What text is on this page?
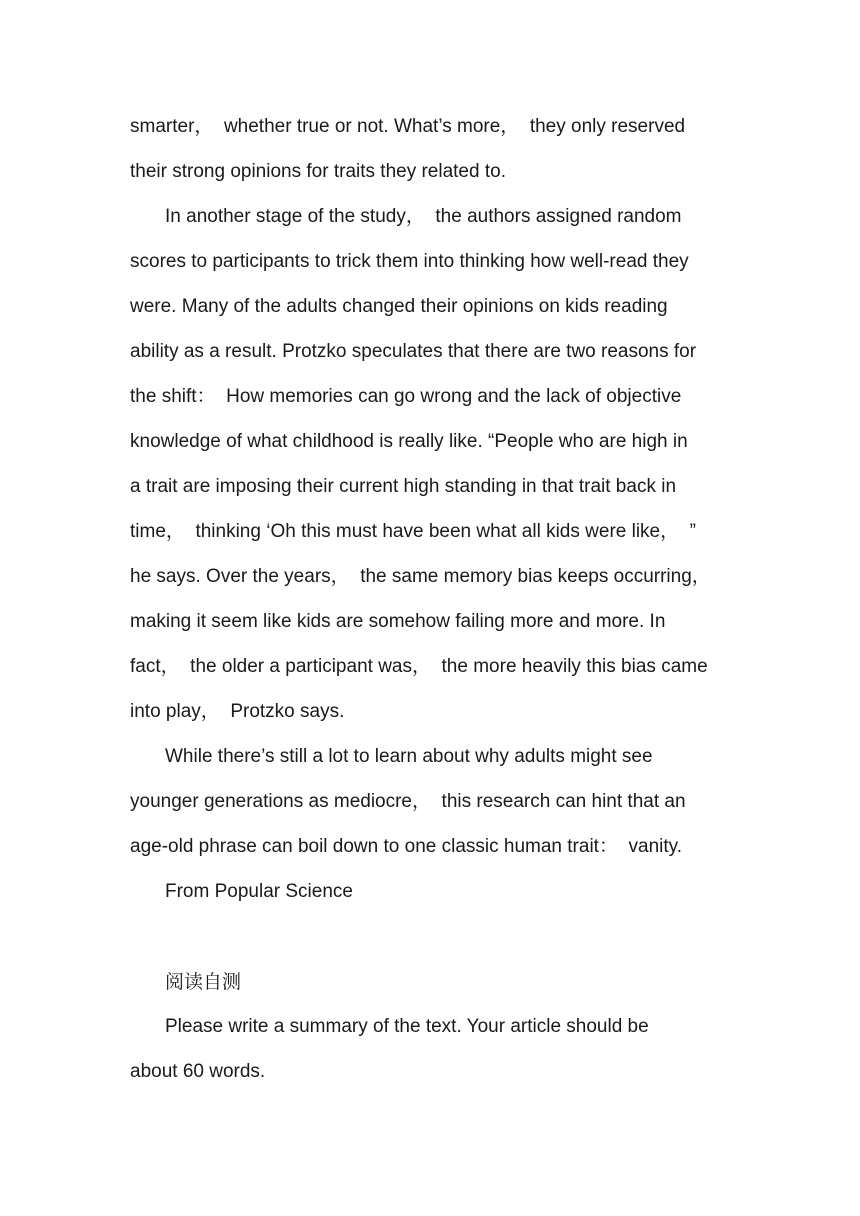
smarter，  whether true or not. What’s more，  they only reserved
their strong opinions for traits they related to.
In another stage of the study，  the authors assigned random
scores to participants to trick them into thinking how well-read they
were. Many of the adults changed their opinions on kids reading
ability as a result. Protzko speculates that there are two reasons for
the shift：  How memories can go wrong and the lack of objective
knowledge of what childhood is really like. “People who are high in
a trait are imposing their current high standing in that trait back in
time，  thinking ‘Oh this must have been what all kids were like，  ”
he says. Over the years，  the same memory bias keeps occurring，
making it seem like kids are somehow failing more and more. In
fact，  the older a participant was，  the more heavily this bias came
into play，  Protzko says.
While there’s still a lot to learn about why adults might see
younger generations as mediocre，  this research can hint that an
age-old phrase can boil down to one classic human trait：  vanity.
From Popular Science
阅读自测
Please write a summary of the text. Your article should be
about 60 words.
